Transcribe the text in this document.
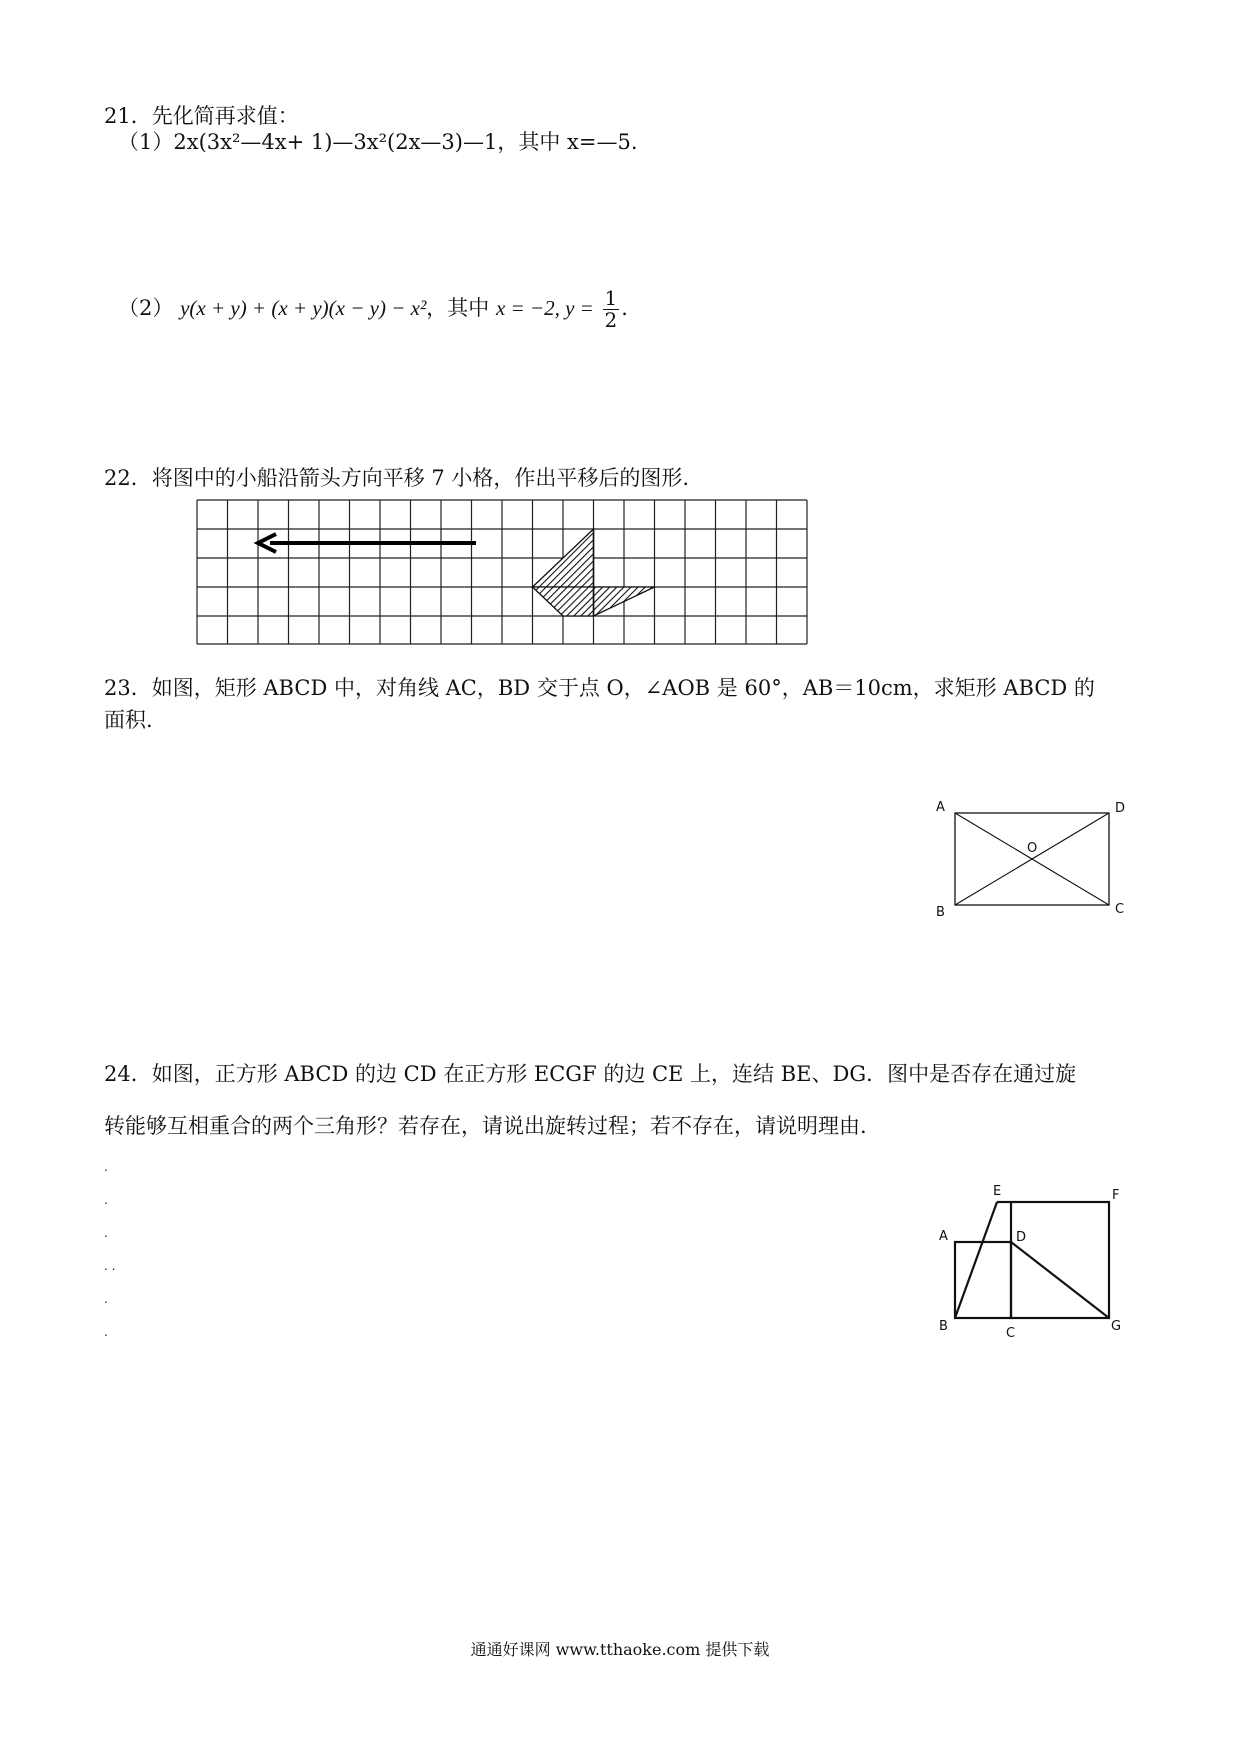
21．先化简再求值：
（1）2x(3x²—4x+ 1)—3x²(2x—3)—1，其中 x=—5.
（2） y(x + y) + (x + y)(x − y) − x²，其中 x = −2, $y = \frac{1}{2}$ .
22．将图中的小船沿箭头方向平移 7 小格，作出平移后的图形.
23．如图，矩形 ABCD 中，对角线 AC，BD 交于点 O，∠AOB 是 60°，AB＝10cm，求矩形 ABCD 的
面积.
A	D
B	C
O
24．如图，正方形 ABCD 的边 CD 在正方形 ECGF 的边 CE 上，连结 BE、DG．图中是否存在通过旋
转能够互相重合的两个三角形？若存在，请说出旋转过程；若不存在，请说明理由.
.
.
.
. .
.
.
E	F
A	D
B	C	G
通通好课网 www.tthaoke.com 提供下载
